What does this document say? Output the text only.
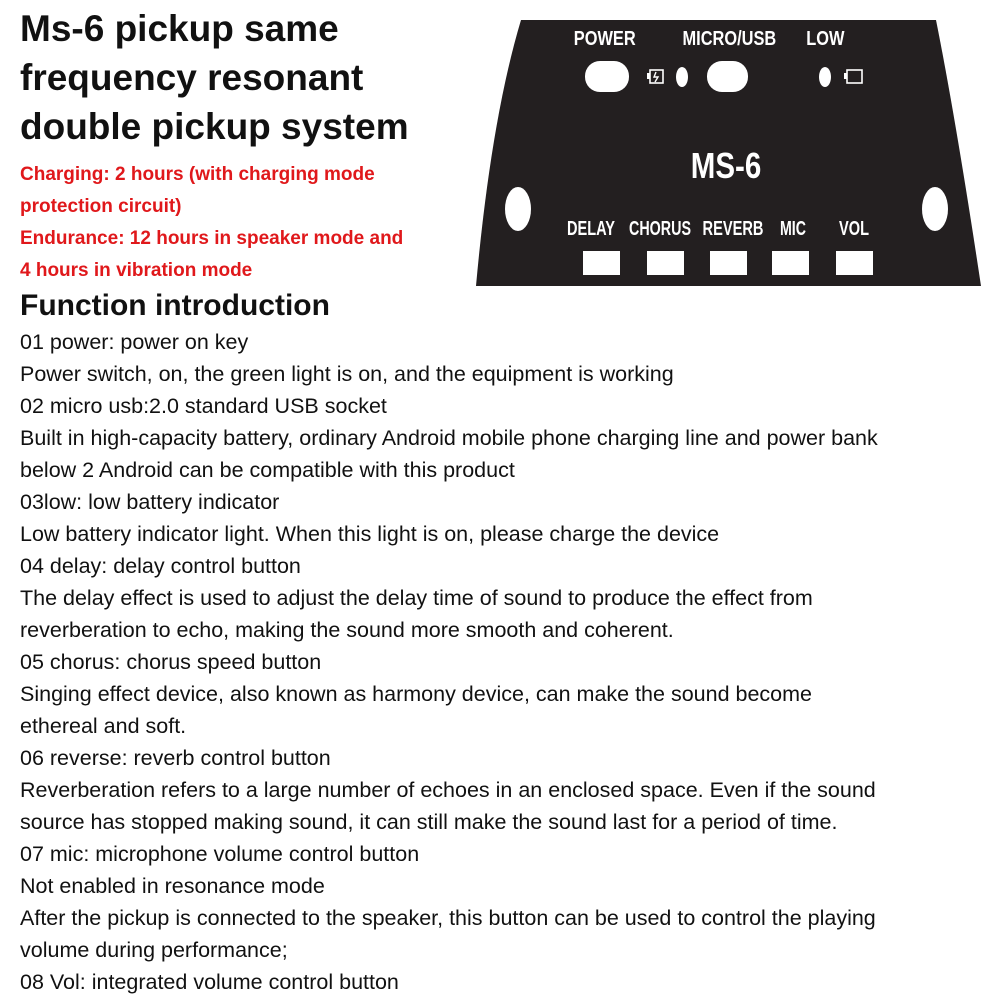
Ms-6 pickup same
frequency resonant
double pickup system
Charging: 2 hours (with charging mode
protection circuit)
Endurance: 12 hours in speaker mode and
4 hours in vibration mode
POWER MICRO/USB LOW
MS-6
DELAY CHORUS REVERB MIC VOL
Function introduction
01 power: power on key
Power switch, on, the green light is on, and the equipment is working
02 micro usb:2.0 standard USB socket
Built in high-capacity battery, ordinary Android mobile phone charging line and power bank
below 2 Android can be compatible with this product
03low: low battery indicator
Low battery indicator light. When this light is on, please charge the device
04 delay: delay control button
The delay effect is used to adjust the delay time of sound to produce the effect from
reverberation to echo, making the sound more smooth and coherent.
05 chorus: chorus speed button
Singing effect device, also known as harmony device, can make the sound become
ethereal and soft.
06 reverse: reverb control button
Reverberation refers to a large number of echoes in an enclosed space. Even if the sound
source has stopped making sound, it can still make the sound last for a period of time.
07 mic: microphone volume control button
Not enabled in resonance mode
After the pickup is connected to the speaker, this button can be used to control the playing
volume during performance;
08 Vol: integrated volume control button
